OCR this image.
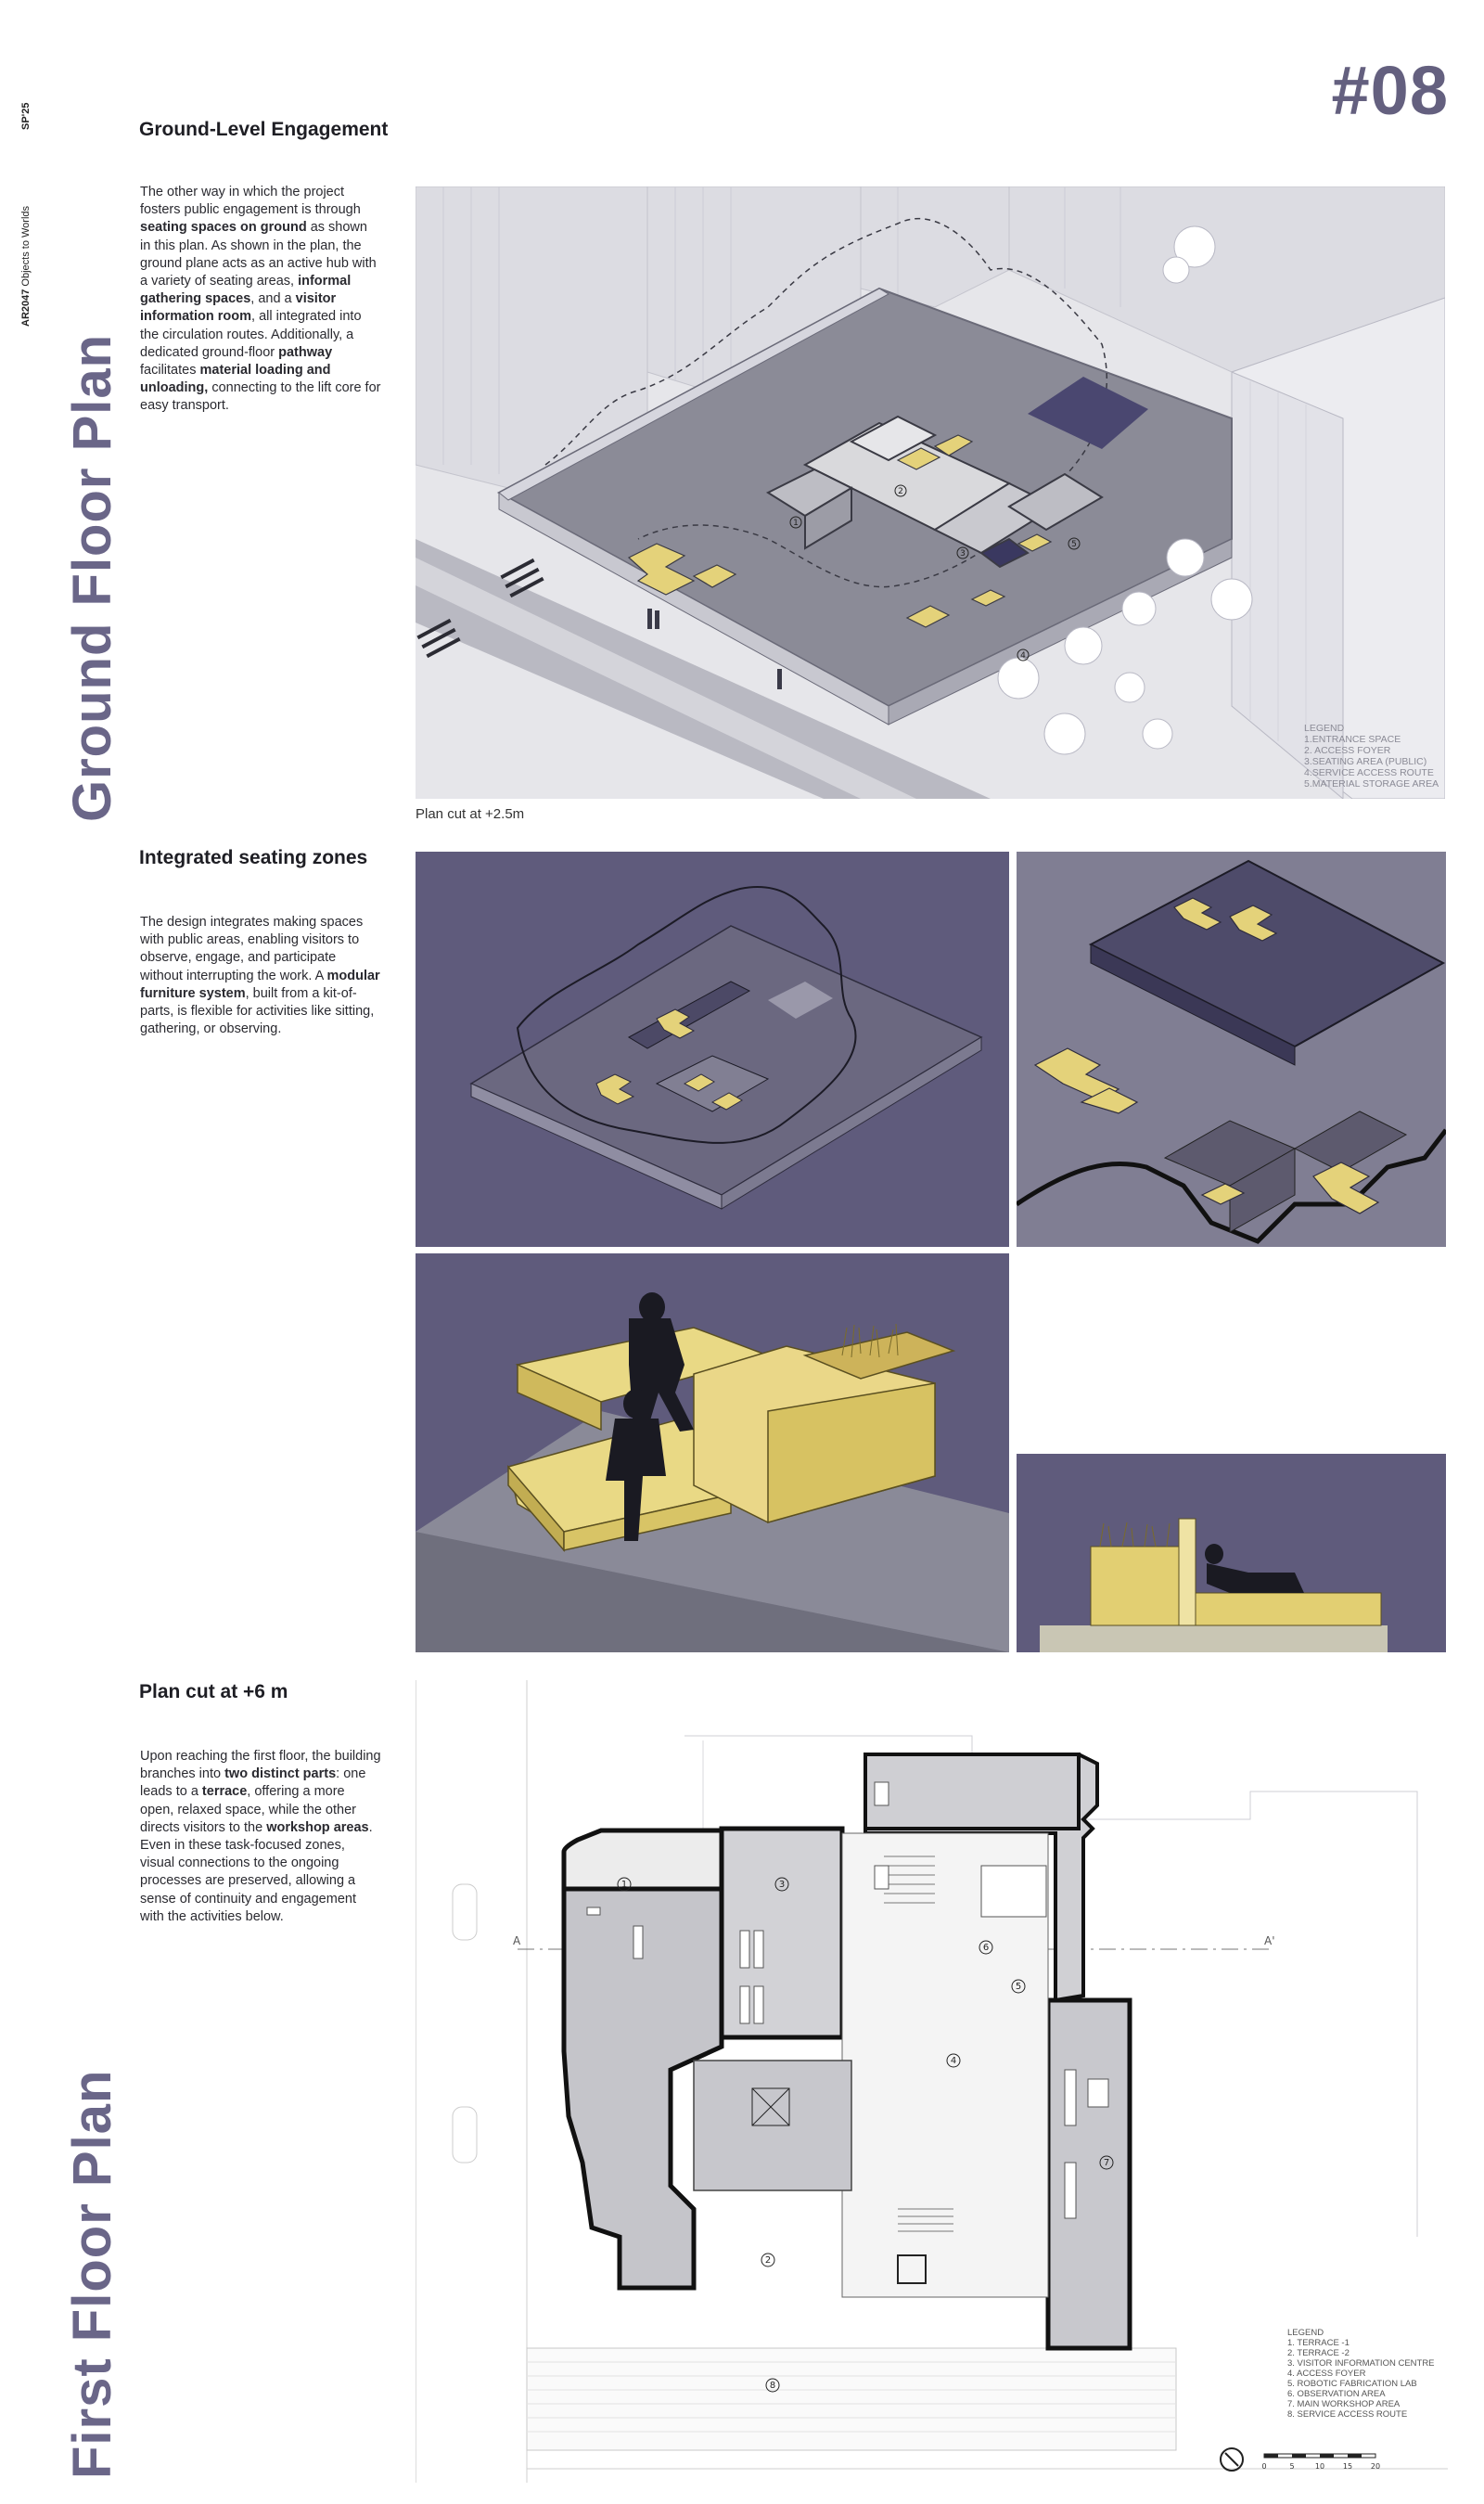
SP'25
AR2047 Objects to Worlds
Ground Floor Plan
First Floor Plan
#08
Ground-Level Engagement
The other way in which the project fosters public engagement is through seating spaces on ground as shown in this plan. As shown in the plan, the ground plane acts as an active hub with a variety of seating areas, informal gathering spaces, and a visitor information room, all integrated into the circulation routes. Additionally, a dedicated ground-floor pathway facilitates material loading and unloading, connecting to the lift core for easy transport.
2
1
3
4
5
LEGEND
1.ENTRANCE SPACE
2. ACCESS FOYER
3.SEATING AREA (PUBLIC)
4.SERVICE ACCESS ROUTE
5.MATERIAL STORAGE AREA
Plan cut at +2.5m
Integrated seating zones
The design integrates making spaces with public areas, enabling visitors to observe, engage, and participate without interrupting the work. A modular furniture system, built from a kit-of-parts, is flexible for activities like sitting, gathering, or observing.
Plan cut at +6 m
Upon reaching the first floor, the building branches into two distinct parts: one leads to a terrace, offering a more open, relaxed space, while the other directs visitors to the workshop areas. Even in these task-focused zones, visual connections to the ongoing processes are preserved, allowing a sense of continuity and engagement with the activities below.
A	A'
1
2
3
4
5
6
7
8
0	5	10 15 20
LEGEND
1. TERRACE -1
2. TERRACE -2
3. VISITOR INFORMATION CENTRE
4. ACCESS FOYER
5. ROBOTIC FABRICATION LAB
6. OBSERVATION AREA
7. MAIN WORKSHOP AREA
8. SERVICE ACCESS ROUTE
